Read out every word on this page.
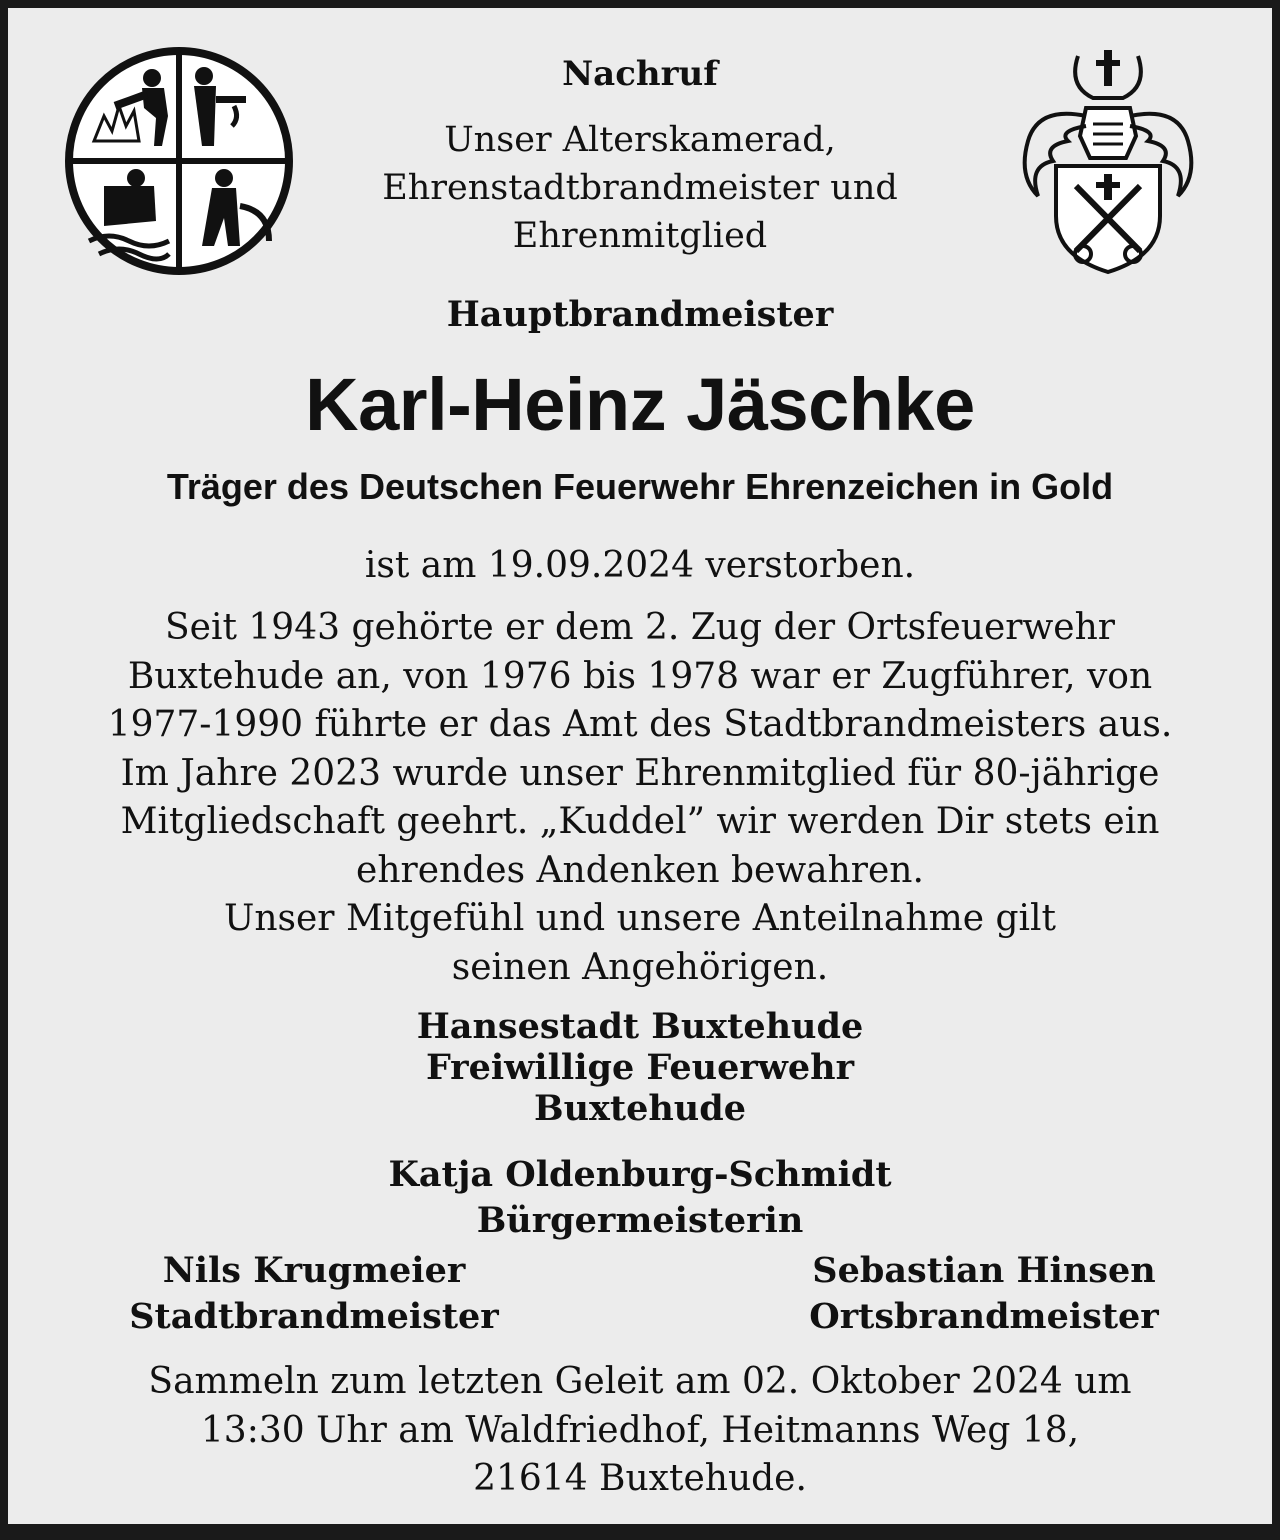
Nachruf
Unser Alterskamerad,
Ehrenstadtbrandmeister und
Ehrenmitglied
Hauptbrandmeister
Karl-Heinz Jäschke
Träger des Deutschen Feuerwehr Ehrenzeichen in Gold
ist am 19.09.2024 verstorben.
Seit 1943 gehörte er dem 2. Zug der Ortsfeuerwehr
Buxtehude an, von 1976 bis 1978 war er Zugführer, von
1977-1990 führte er das Amt des Stadtbrandmeisters aus.
Im Jahre 2023 wurde unser Ehrenmitglied für 80-jährige
Mitgliedschaft geehrt. „Kuddel” wir werden Dir stets ein
ehrendes Andenken bewahren.
Unser Mitgefühl und unsere Anteilnahme gilt
seinen Angehörigen.
Hansestadt Buxtehude
Freiwillige Feuerwehr
Buxtehude
Katja Oldenburg-Schmidt
Bürgermeisterin
Nils Krugmeier
Stadtbrandmeister
Sebastian Hinsen
Ortsbrandmeister
Sammeln zum letzten Geleit am 02. Oktober 2024 um
13:30 Uhr am Waldfriedhof, Heitmanns Weg 18,
21614 Buxtehude.
